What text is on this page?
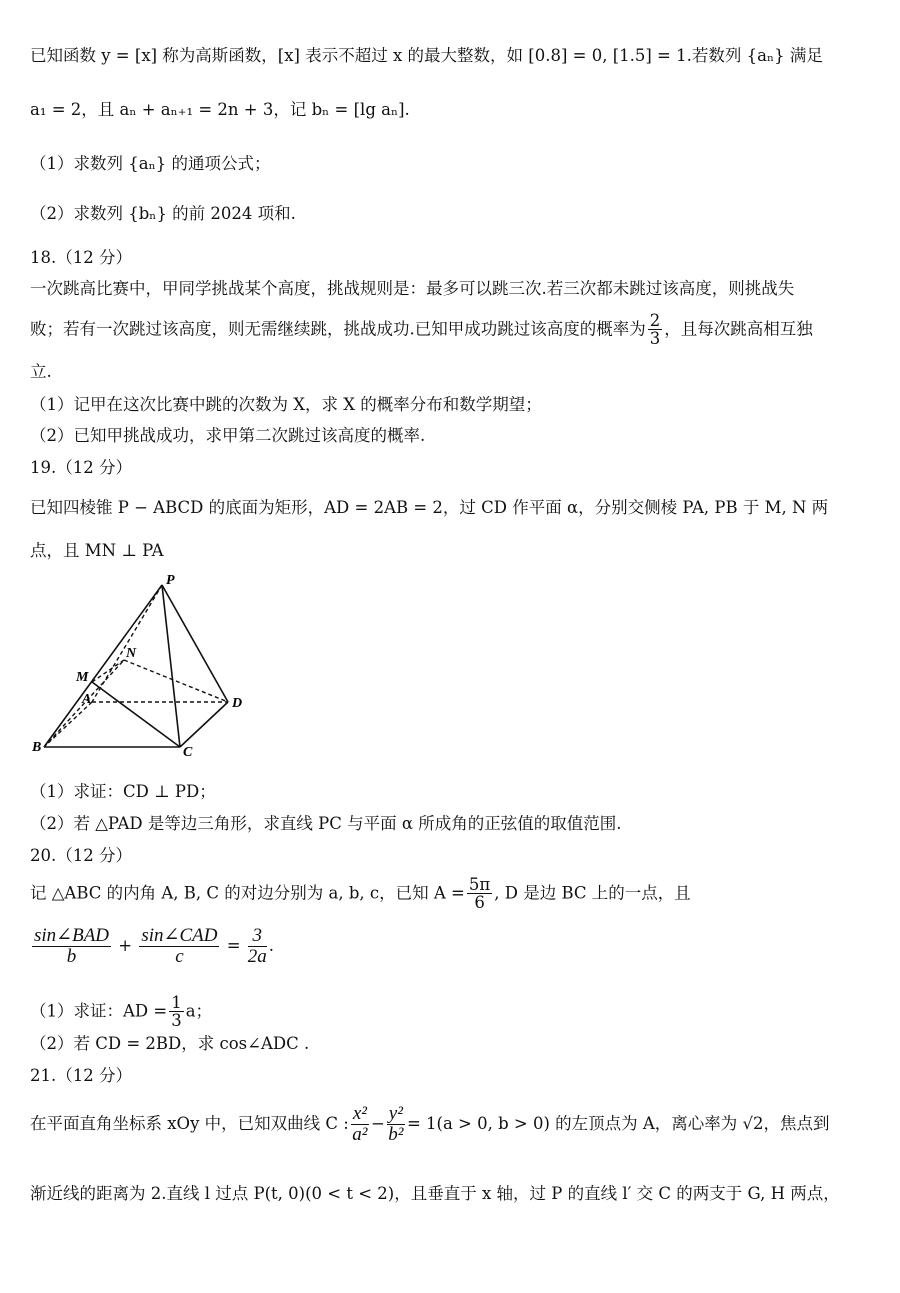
已知函数 y = [x] 称为高斯函数，[x] 表示不超过 x 的最大整数，如 [0.8] = 0, [1.5] = 1.若数列 {aₙ} 满足
a₁ = 2，且 aₙ + aₙ₊₁ = 2n + 3，记 bₙ = [lg aₙ].
（1）求数列 {aₙ} 的通项公式；
（2）求数列 {bₙ} 的前 2024 项和.
18.（12 分）
一次跳高比赛中，甲同学挑战某个高度，挑战规则是：最多可以跳三次.若三次都未跳过该高度，则挑战失
败；若有一次跳过该高度，则无需继续跳，挑战成功.已知甲成功跳过该高度的概率为 $\frac{2}{3}$ ，且每次跳高相互独
立.
（1）记甲在这次比赛中跳的次数为 X，求 X 的概率分布和数学期望；
（2）已知甲挑战成功，求甲第二次跳过该高度的概率.
19.（12 分）
已知四棱锥 P − ABCD 的底面为矩形，AD = 2AB = 2，过 CD 作平面 α，分别交侧棱 PA, PB 于 M, N 两
点，且 MN ⊥ PA
P
N
M
A	D
B	C
（1）求证：CD ⊥ PD；
（2）若 △PAD 是等边三角形，求直线 PC 与平面 α 所成角的正弦值的取值范围.
20.（12 分）
记 △ABC 的内角 A, B, C 的对边分别为 a, b, c，已知 $A = \frac{5\pi}{6}$ , D 是边 BC 上的一点，且
$\frac{\text{sin∠BAD}}{b} + \frac{\text{sin∠CAD}}{c} = \frac{3}{2a}$ .
（1）求证：AD = $\frac{1}{3}$ a；
（2）若 CD = 2BD，求 cos∠ADC .
21.（12 分）
在平面直角坐标系 xOy 中，已知双曲线 C : $\frac{\text{x²}}{\text{a²}} - \frac{\text{y²}}{\text{b²}} = 1(a > 0$, b > 0) 的左顶点为 A，离心率为 √2，焦点到
渐近线的距离为 2.直线 l 过点 P(t, 0)(0 < t < 2)，且垂直于 x 轴，过 P 的直线 l′ 交 C 的两支于 G, H 两点，
